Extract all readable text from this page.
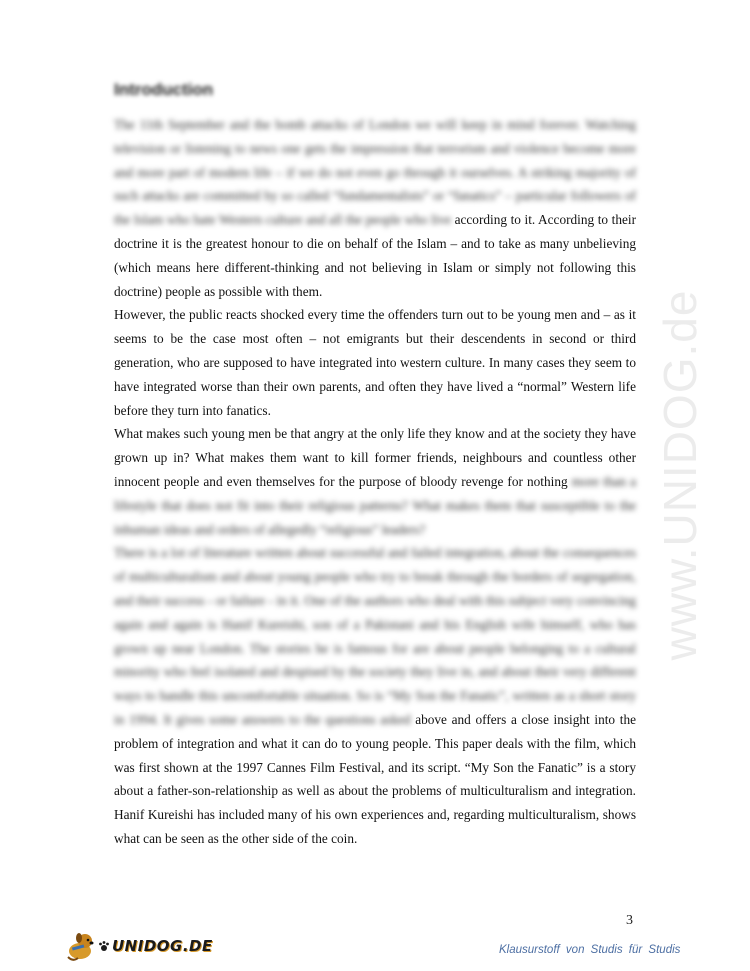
www.UNIDOG.de
Introduction

The 11th September and the bomb attacks of London we will keep in mind forever. Watching television or listening to news one gets the impression that terrorism and violence become more and more part of modern life – if we do not even go through it ourselves. A striking majority of such attacks are committed by so called “fundamentalists” or “fanatics” – particular followers of the Islam who hate Western culture and all the people who live according to it. According to their doctrine it is the greatest honour to die on behalf of the Islam – and to take as many unbelieving (which means here different-thinking and not believing in Islam or simply not following this doctrine) people as possible with them.

However, the public reacts shocked every time the offenders turn out to be young men and – as it seems to be the case most often – not emigrants but their descendents in second or third generation, who are supposed to have integrated into western culture. In many cases they seem to have integrated worse than their own parents, and often they have lived a “normal” Western life before they turn into fanatics.

What makes such young men be that angry at the only life they know and at the society they have grown up in? What makes them want to kill former friends, neighbours and countless other innocent people and even themselves for the purpose of bloody revenge for nothing more than a lifestyle that does not fit into their religious patterns? What makes them that susceptible to the inhuman ideas and orders of allegedly “religious” leaders?

There is a lot of literature written about successful and failed integration, about the consequences of multiculturalism and about young people who try to break through the borders of segregation, and their success - or failure - in it. One of the authors who deal with this subject very convincing again and again is Hanif Kureishi, son of a Pakistani and his English wife himself, who has grown up near London. The stories he is famous for are about people belonging to a cultural minority who feel isolated and despised by the society they live in, and about their very different ways to handle this uncomfortable situation. So is “My Son the Fanatic”, written as a short story in 1994. It gives some answers to the questions asked above and offers a close insight into the problem of integration and what it can do to young people. This paper deals with the film, which was first shown at the 1997 Cannes Film Festival, and its script. “My Son the Fanatic” is a story about a father-son-relationship as well as about the problems of multiculturalism and integration. Hanif Kureishi has included many of his own experiences and, regarding multiculturalism, shows what can be seen as the other side of the coin.

3
UNIDOG.DE	Klausurstoff von Studis für Studis
